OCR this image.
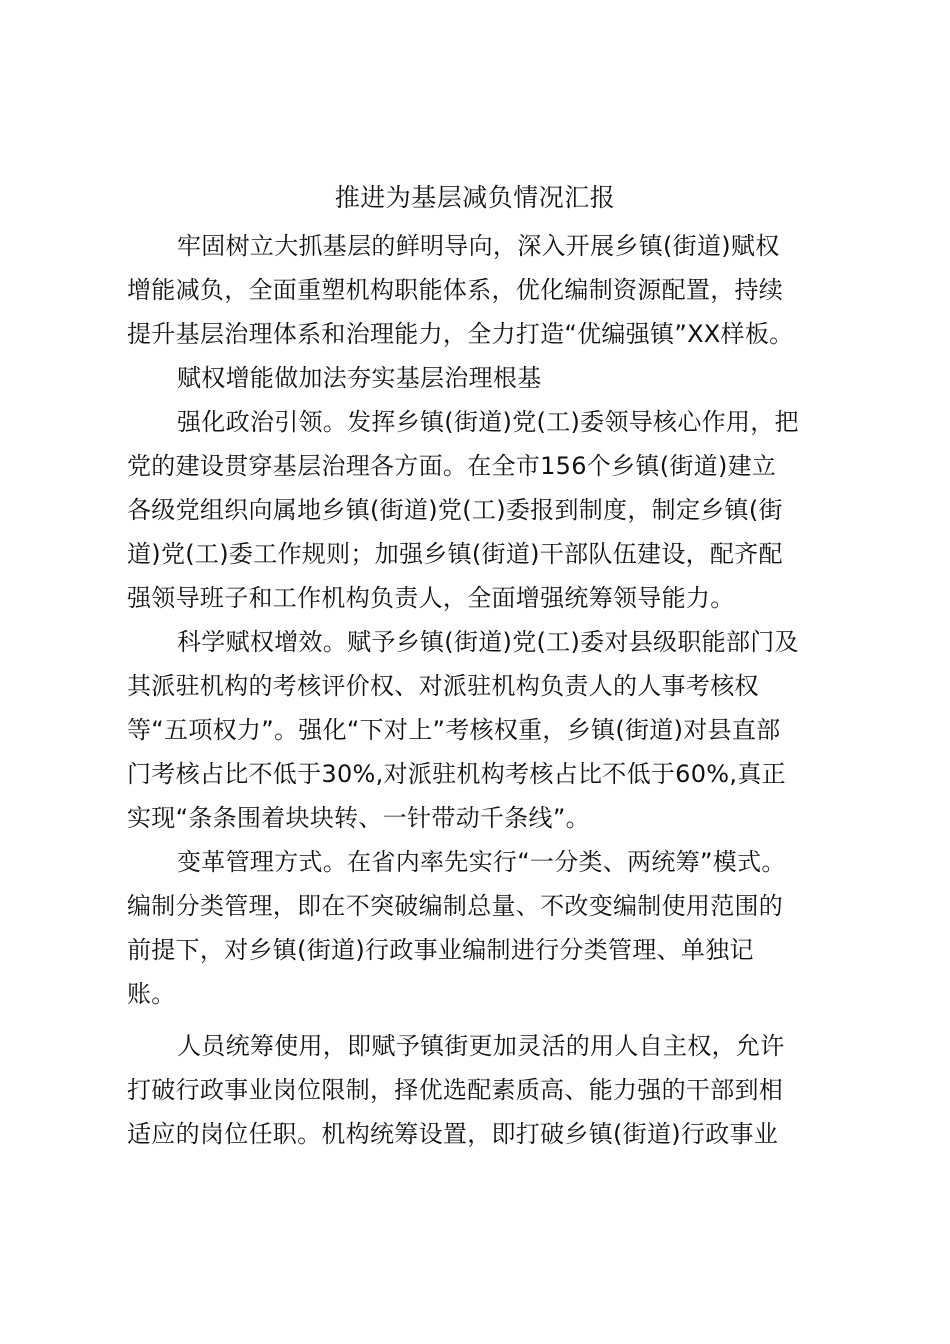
推进为基层减负情况汇报
牢固树立大抓基层的鲜明导向，深入开展乡镇(街道)赋权
增能减负，全面重塑机构职能体系，优化编制资源配置，持续
提升基层治理体系和治理能力，全力打造“优编强镇”XX样板。
赋权增能做加法夯实基层治理根基
强化政治引领。发挥乡镇(街道)党(工)委领导核心作用，把
党的建设贯穿基层治理各方面。在全市156个乡镇(街道)建立
各级党组织向属地乡镇(街道)党(工)委报到制度，制定乡镇(街
道)党(工)委工作规则；加强乡镇(街道)干部队伍建设，配齐配
强领导班子和工作机构负责人，全面增强统筹领导能力。
科学赋权增效。赋予乡镇(街道)党(工)委对县级职能部门及
其派驻机构的考核评价权、对派驻机构负责人的人事考核权
等“五项权力”。强化“下对上”考核权重，乡镇(街道)对县直部
门考核占比不低于30%,对派驻机构考核占比不低于60%,真正
实现“条条围着块块转、一针带动千条线”。
变革管理方式。在省内率先实行“一分类、两统筹”模式。
编制分类管理，即在不突破编制总量、不改变编制使用范围的
前提下，对乡镇(街道)行政事业编制进行分类管理、单独记
账。
人员统筹使用，即赋予镇街更加灵活的用人自主权，允许
打破行政事业岗位限制，择优选配素质高、能力强的干部到相
适应的岗位任职。机构统筹设置，即打破乡镇(街道)行政事业
